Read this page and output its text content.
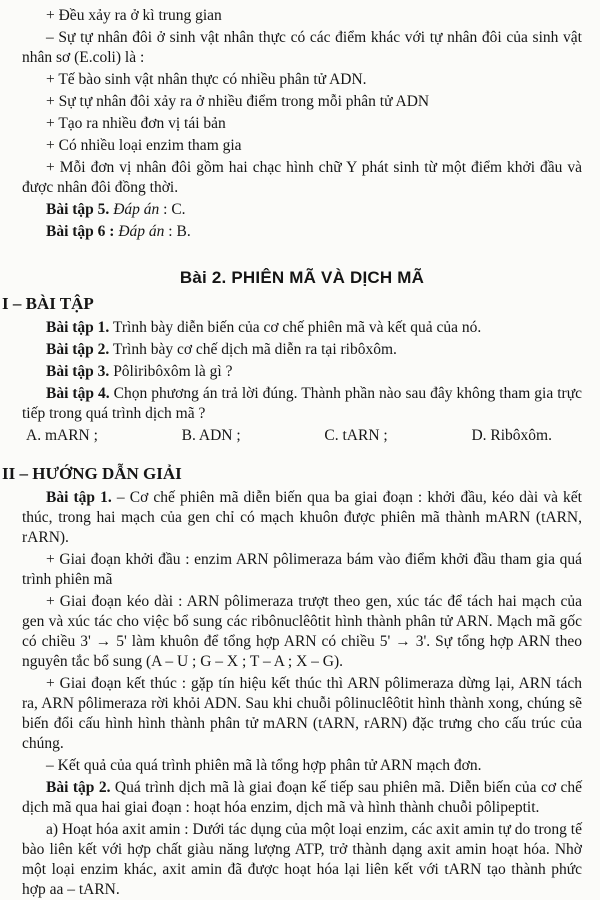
+ Đều xảy ra ở kì trung gian

– Sự tự nhân đôi ở sinh vật nhân thực có các điểm khác với tự nhân đôi của sinh vật nhân sơ (E.coli) là :

+ Tế bào sinh vật nhân thực có nhiều phân tử ADN.

+ Sự tự nhân đôi xảy ra ở nhiều điểm trong mỗi phân tử ADN

+ Tạo ra nhiều đơn vị tái bản

+ Có nhiều loại enzim tham gia

+ Mỗi đơn vị nhân đôi gồm hai chạc hình chữ Y phát sinh từ một điểm khởi đầu và được nhân đôi đồng thời.

Bài tập 5. Đáp án : C.

Bài tập 6 : Đáp án : B.

Bài 2. PHIÊN MÃ VÀ DỊCH MÃ
I – BÀI TẬP

Bài tập 1. Trình bày diễn biến của cơ chế phiên mã và kết quả của nó.

Bài tập 2. Trình bày cơ chế dịch mã diễn ra tại ribôxôm.

Bài tập 3. Pôliribôxôm là gì ?

Bài tập 4. Chọn phương án trả lời đúng. Thành phần nào sau đây không tham gia trực tiếp trong quá trình dịch mã ?

A. mARN ;	B. ADN ;	C. tARN ;	D. Ribôxôm.
II – HƯỚNG DẪN GIẢI

Bài tập 1. – Cơ chế phiên mã diễn biến qua ba giai đoạn : khởi đầu, kéo dài và kết thúc, trong hai mạch của gen chỉ có mạch khuôn được phiên mã thành mARN (tARN, rARN).

+ Giai đoạn khởi đầu : enzim ARN pôlimeraza bám vào điểm khởi đầu tham gia quá trình phiên mã

+ Giai đoạn kéo dài : ARN pôlimeraza trượt theo gen, xúc tác để tách hai mạch của gen và xúc tác cho việc bổ sung các ribônuclêôtit hình thành phân tử ARN. Mạch mã gốc có chiều 3' → 5' làm khuôn để tổng hợp ARN có chiều 5' → 3'. Sự tổng hợp ARN theo nguyên tắc bổ sung (A – U ; G – X ; T – A ; X – G).

+ Giai đoạn kết thúc : gặp tín hiệu kết thúc thì ARN pôlimeraza dừng lại, ARN tách ra, ARN pôlimeraza rời khỏi ADN. Sau khi chuỗi pôlinuclêôtit hình thành xong, chúng sẽ biến đổi cấu hình hình thành phân tử mARN (tARN, rARN) đặc trưng cho cấu trúc của chúng.

– Kết quả của quá trình phiên mã là tổng hợp phân tử ARN mạch đơn.

Bài tập 2. Quá trình dịch mã là giai đoạn kế tiếp sau phiên mã. Diễn biến của cơ chế dịch mã qua hai giai đoạn : hoạt hóa enzim, dịch mã và hình thành chuỗi pôlipeptit.

a) Hoạt hóa axit amin : Dưới tác dụng của một loại enzim, các axit amin tự do trong tế bào liên kết với hợp chất giàu năng lượng ATP, trở thành dạng axit amin hoạt hóa. Nhờ một loại enzim khác, axit amin đã được hoạt hóa lại liên kết với tARN tạo thành phức hợp aa – tARN.
